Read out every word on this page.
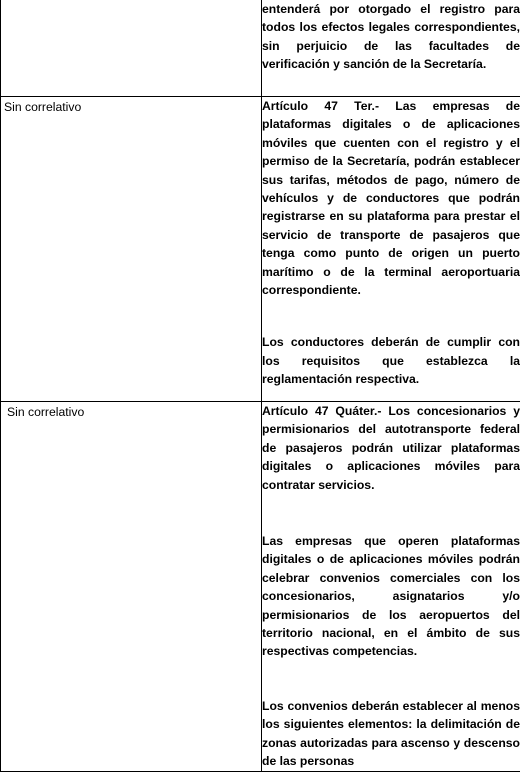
	entenderá por otorgado el registro para todos los efectos legales correspondientes, sin perjuicio de las facultades de verificación y sanción de la Secretaría.

Sin correlativo	Artículo 47 Ter.- Las empresas de plataformas digitales o de aplicaciones móviles que cuenten con el registro y el permiso de la Secretaría, podrán establecer sus tarifas, métodos de pago, número de vehículos y de conductores que podrán registrarse en su plataforma para prestar el servicio de transporte de pasajeros que tenga como punto de origen un puerto marítimo o de la terminal aeroportuaria correspondiente.

Los conductores deberán de cumplir con los requisitos que establezca la reglamentación respectiva.

Sin correlativo	Artículo 47 Quáter.- Los concesionarios y permisionarios del autotransporte federal de pasajeros podrán utilizar plataformas digitales o aplicaciones móviles para contratar servicios.

Las empresas que operen plataformas digitales o de aplicaciones móviles podrán celebrar convenios comerciales con los concesionarios, asignatarios y/o permisionarios de los aeropuertos del territorio nacional, en el ámbito de sus respectivas competencias.

Los convenios deberán establecer al menos los siguientes elementos: la delimitación de zonas autorizadas para ascenso y descenso de las personas
